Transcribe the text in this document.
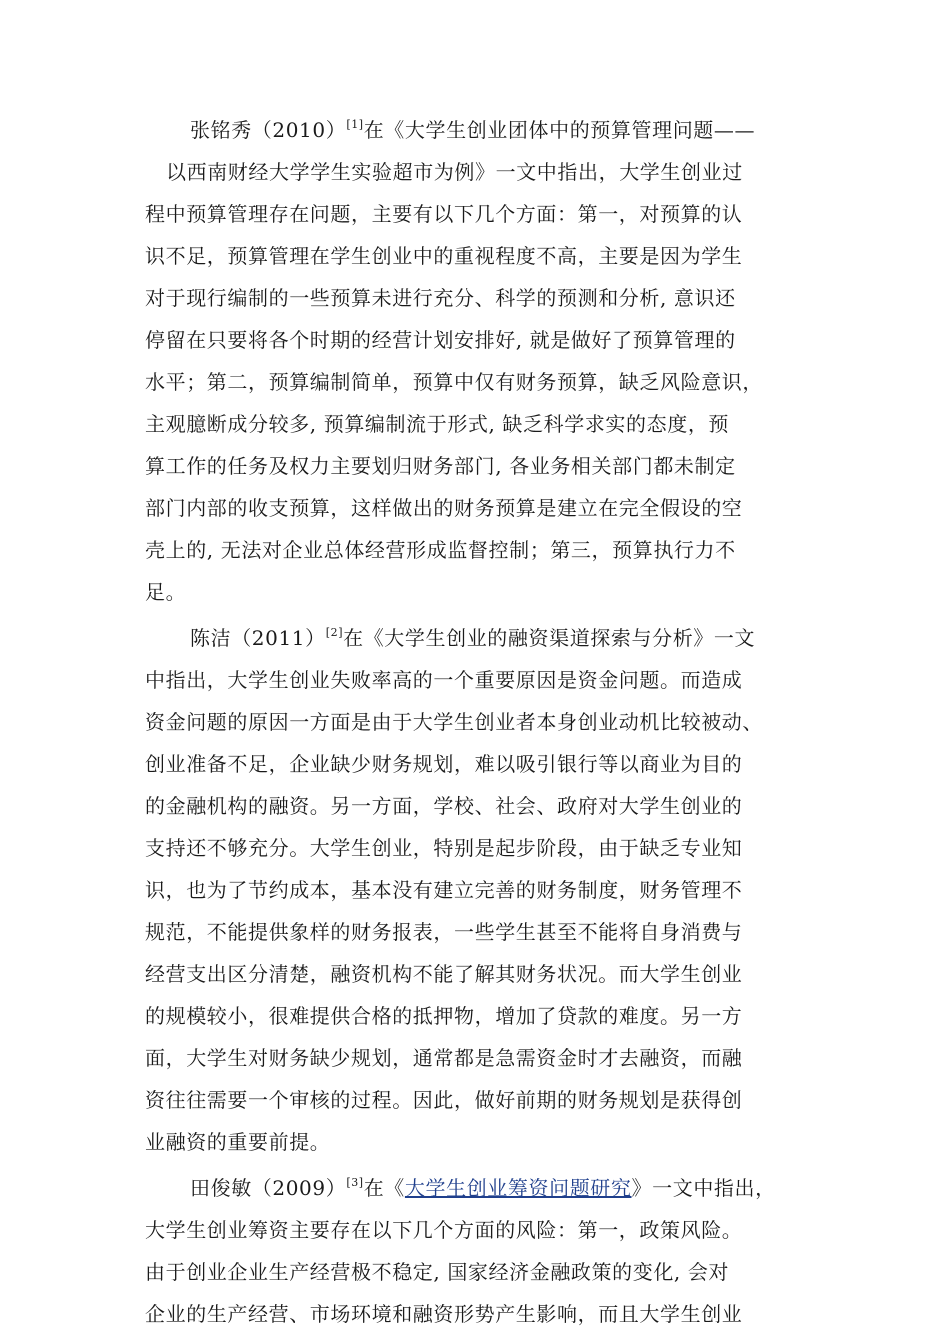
张铭秀（2010）[1]在《大学生创业团体中的预算管理问题——
以西南财经大学学生实验超市为例》一文中指出，大学生创业过
程中预算管理存在问题，主要有以下几个方面：第一，对预算的认
识不足，预算管理在学生创业中的重视程度不高，主要是因为学生
对于现行编制的一些预算未进行充分、科学的预测和分析, 意识还
停留在只要将各个时期的经营计划安排好, 就是做好了预算管理的
水平；第二，预算编制简单，预算中仅有财务预算，缺乏风险意识，
主观臆断成分较多, 预算编制流于形式, 缺乏科学求实的态度，预
算工作的任务及权力主要划归财务部门, 各业务相关部门都未制定
部门内部的收支预算，这样做出的财务预算是建立在完全假设的空
壳上的, 无法对企业总体经营形成监督控制；第三，预算执行力不
足。
陈洁（2011）[2]在《大学生创业的融资渠道探索与分析》一文
中指出，大学生创业失败率高的一个重要原因是资金问题。而造成
资金问题的原因一方面是由于大学生创业者本身创业动机比较被动、
创业准备不足，企业缺少财务规划，难以吸引银行等以商业为目的
的金融机构的融资。另一方面，学校、社会、政府对大学生创业的
支持还不够充分。大学生创业，特别是起步阶段，由于缺乏专业知
识，也为了节约成本，基本没有建立完善的财务制度，财务管理不
规范，不能提供象样的财务报表，一些学生甚至不能将自身消费与
经营支出区分清楚，融资机构不能了解其财务状况。而大学生创业
的规模较小，很难提供合格的抵押物，增加了贷款的难度。另一方
面，大学生对财务缺少规划，通常都是急需资金时才去融资，而融
资往往需要一个审核的过程。因此，做好前期的财务规划是获得创
业融资的重要前提。
田俊敏（2009）[3]在《大学生创业筹资问题研究》一文中指出，
大学生创业筹资主要存在以下几个方面的风险：第一，政策风险。
由于创业企业生产经营极不稳定, 国家经济金融政策的变化, 会对
企业的生产经营、市场环境和融资形势产生影响，而且大学生创业
